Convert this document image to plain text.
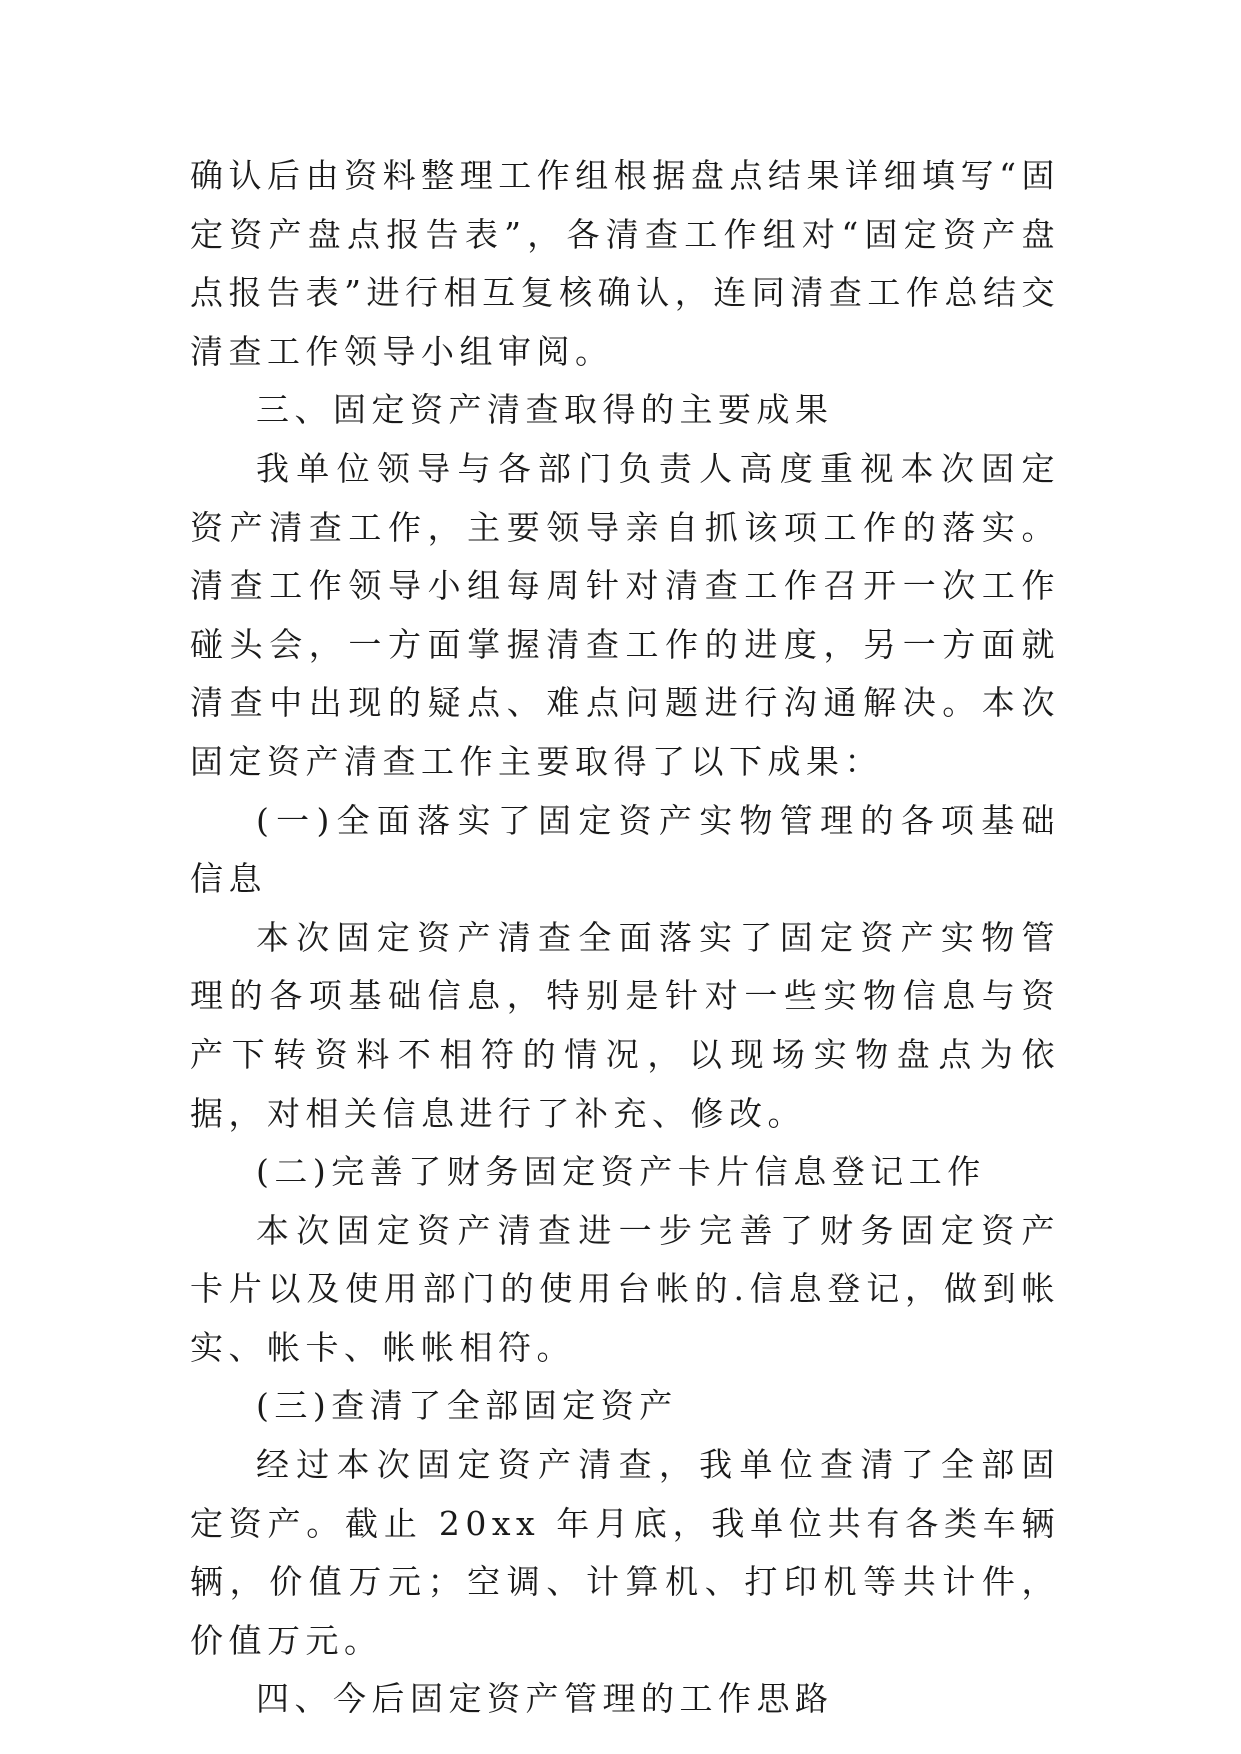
确认后由资料整理工作组根据盘点结果详细填写“固定资产盘点报告表”，各清查工作组对“固定资产盘点报告表”进行相互复核确认，连同清查工作总结交清查工作领导小组审阅。

三、固定资产清查取得的主要成果

我单位领导与各部门负责人高度重视本次固定资产清查工作，主要领导亲自抓该项工作的落实。清查工作领导小组每周针对清查工作召开一次工作碰头会，一方面掌握清查工作的进度，另一方面就清查中出现的疑点、难点问题进行沟通解决。本次固定资产清查工作主要取得了以下成果：

(一)全面落实了固定资产实物管理的各项基础信息

本次固定资产清查全面落实了固定资产实物管理的各项基础信息，特别是针对一些实物信息与资产下转资料不相符的情况，以现场实物盘点为依据，对相关信息进行了补充、修改。

(二)完善了财务固定资产卡片信息登记工作

本次固定资产清查进一步完善了财务固定资产卡片以及使用部门的使用台帐的.信息登记，做到帐实、帐卡、帐帐相符。

(三)查清了全部固定资产

经过本次固定资产清查，我单位查清了全部固定资产。截止 20xx 年月底，我单位共有各类车辆辆，价值万元；空调、计算机、打印机等共计件，价值万元。

四、今后固定资产管理的工作思路
